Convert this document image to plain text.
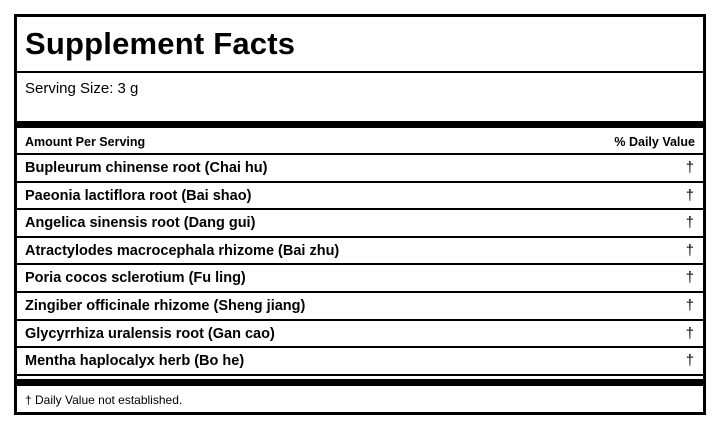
Supplement Facts
Serving Size: 3 g
Amount Per Serving	% Daily Value
Bupleurum chinense root (Chai hu)	†
Paeonia lactiflora root (Bai shao)	†
Angelica sinensis root (Dang gui)	†
Atractylodes macrocephala rhizome (Bai zhu)	†
Poria cocos sclerotium (Fu ling)	†
Zingiber officinale rhizome (Sheng jiang)	†
Glycyrrhiza uralensis root (Gan cao)	†
Mentha haplocalyx herb (Bo he)	†
† Daily Value not established.
